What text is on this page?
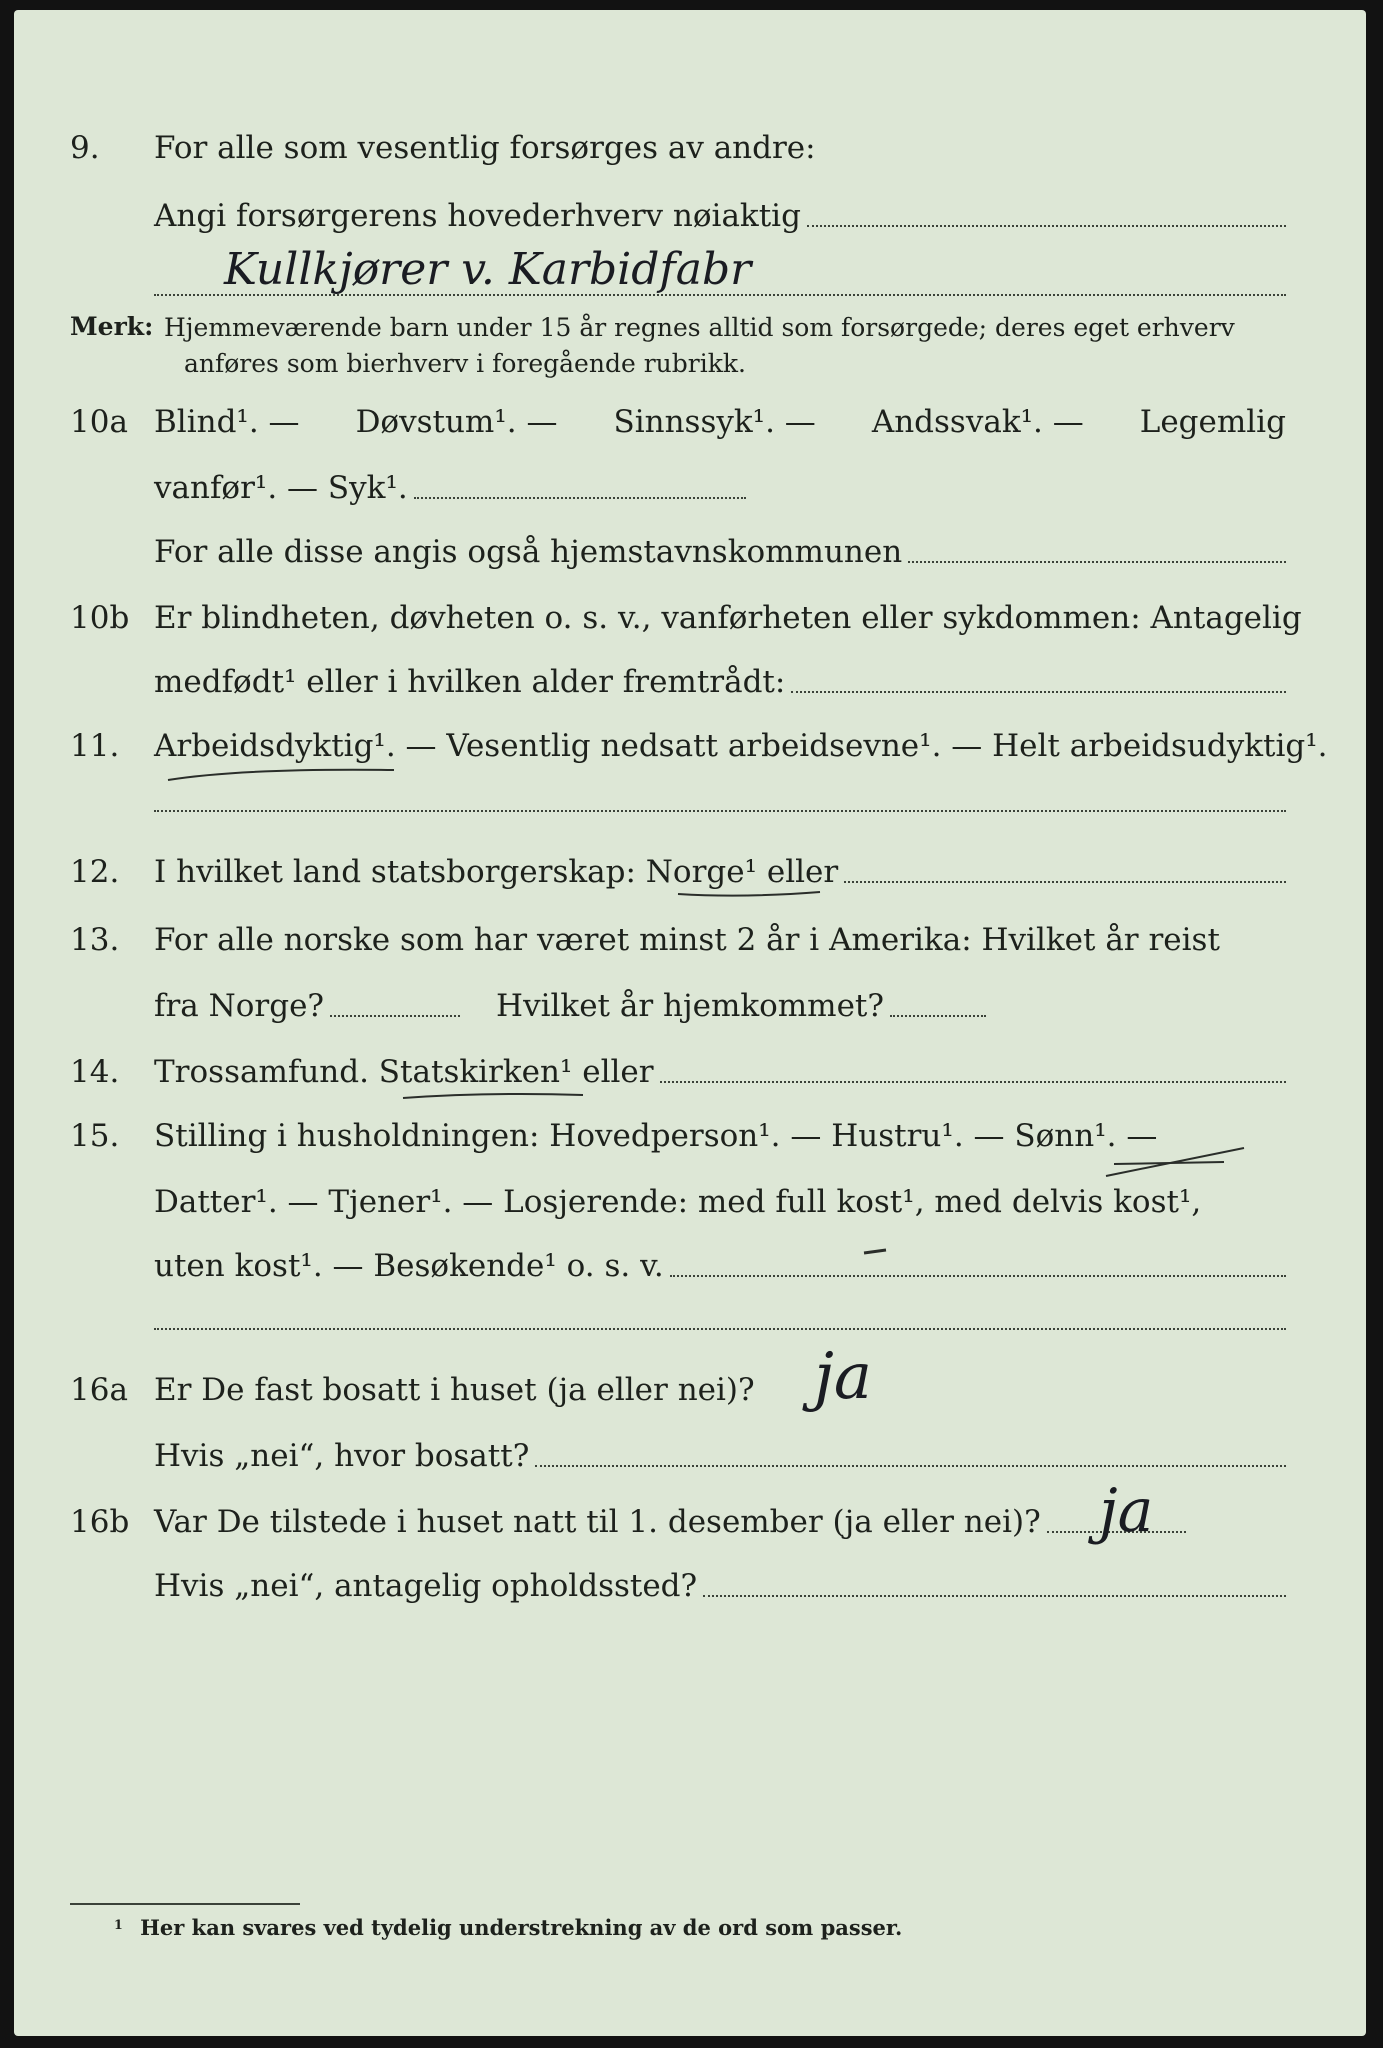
9.	For alle som vesentlig forsørges av andre:
Angi forsørgerens hovederhverv nøiaktig
Kullkjører v. Karbidfabr
Merk: Hjemmeværende barn under 15 år regnes alltid som forsørgede; deres eget erhverv
anføres som bierhverv i foregående rubrikk.
10a Blind¹. — Døvstum¹. — Sinnssyk¹. — Andssvak¹. — Legemlig
vanfør¹. — Syk¹.
For alle disse angis også hjemstavnskommunen
10b Er blindheten, døvheten o. s. v., vanførheten eller sykdommen: Antagelig
medfødt¹ eller i hvilken alder fremtrådt:
11.	Arbeidsdyktig¹. — Vesentlig nedsatt arbeidsevne¹. — Helt arbeidsudyktig¹.
12.	I hvilket land statsborgerskap: Norge¹ eller
13.	For alle norske som har været minst 2 år i Amerika: Hvilket år reist
fra Norge?	Hvilket år hjemkommet?
14.	Trossamfund. Statskirken¹ eller
15.	Stilling i husholdningen: Hovedperson¹. — Hustru¹. — Sønn¹. —
Datter¹. — Tjener¹. — Losjerende: med full kost¹, med delvis kost¹,
uten kost¹. — Besøkende¹ o. s. v.
16a Er De fast bosatt i huset (ja eller nei)? ja
Hvis „nei“, hvor bosatt?
16b Var De tilstede i huset natt til 1. desember (ja eller nei)? ja
Hvis „nei“, antagelig opholdssted?
$^1$ Her kan svares ved tydelig understrekning av de ord som passer.
